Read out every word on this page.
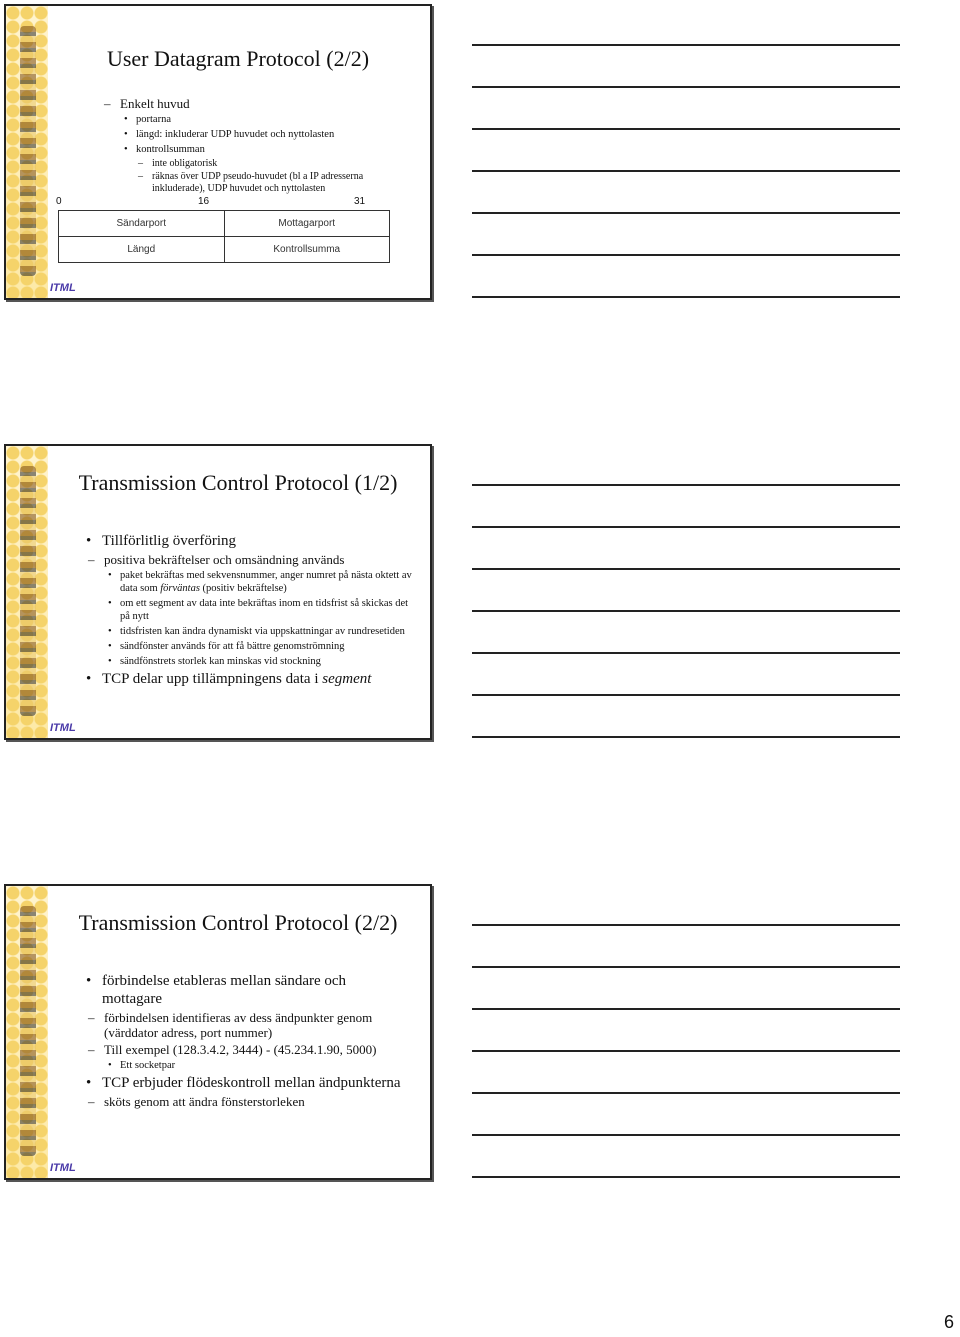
User Datagram Protocol (2/2)
– Enkelt huvud
• portarna
• längd: inkluderar UDP huvudet och nyttolasten
• kontrollsumman
– inte obligatorisk
– räknas över UDP pseudo-huvudet (bl a IP adresserna inkluderade), UDP huvudet och nyttolasten
0	16	31
Sändarport	Mottagarport
Längd	Kontrollsumma
ITML
Transmission Control Protocol (1/2)
• Tillförlitlig överföring
– positiva bekräftelser och omsändning används
• paket bekräftas med sekvensnummer, anger numret på nästa oktett av data som förväntas (positiv bekräftelse)
• om ett segment av data inte bekräftas inom en tidsfrist så skickas det på nytt
• tidsfristen kan ändra dynamiskt via uppskattningar av rundresetiden
• sändfönster används för att få bättre genomströmning
• sändfönstrets storlek kan minskas vid stockning
• TCP delar upp tillämpningens data i segment
ITML
Transmission Control Protocol (2/2)
• förbindelse etableras mellan sändare och mottagare
– förbindelsen identifieras av dess ändpunkter genom (värddator adress, port nummer)
– Till exempel (128.3.4.2, 3444) - (45.234.1.90, 5000)
• Ett socketpar
• TCP erbjuder flödeskontroll mellan ändpunkterna
– sköts genom att ändra fönsterstorleken
ITML
6
